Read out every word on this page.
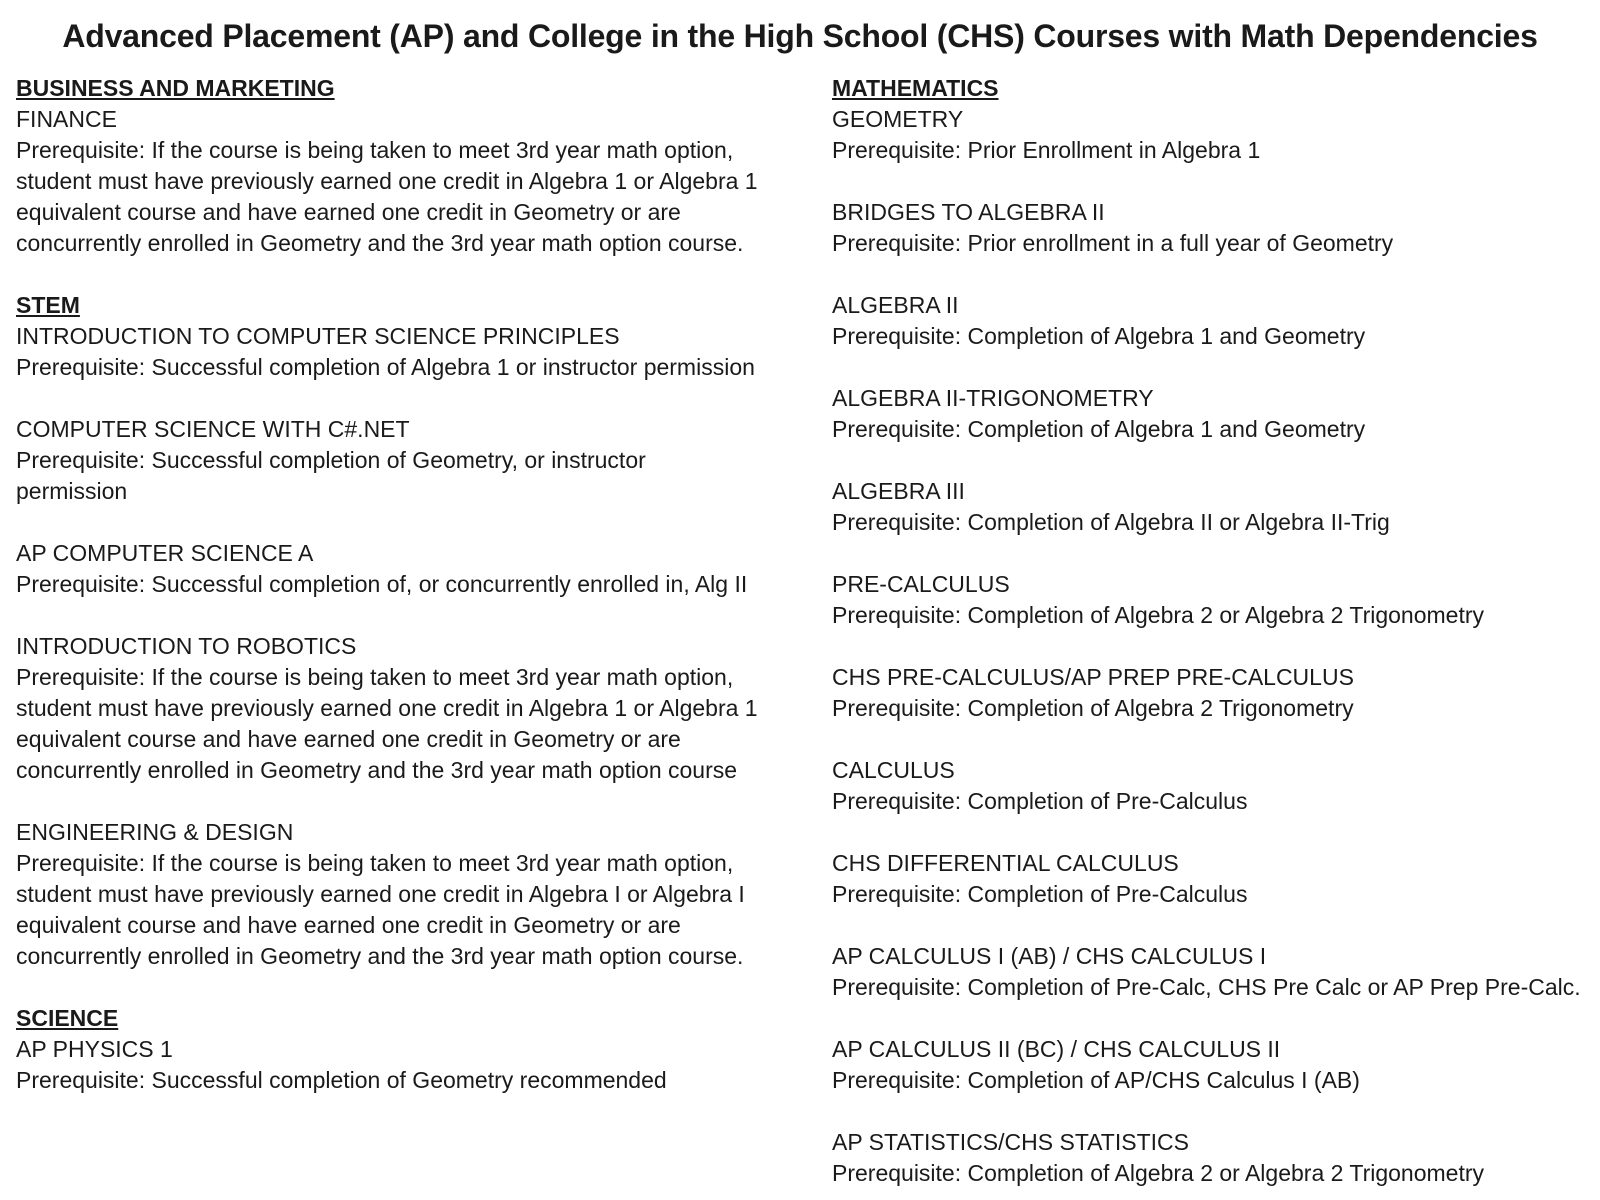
Advanced Placement (AP) and College in the High School (CHS) Courses with Math Dependencies
BUSINESS AND MARKETING
FINANCE
Prerequisite: If the course is being taken to meet 3rd year math option,
student must have previously earned one credit in Algebra 1 or Algebra 1
equivalent course and have earned one credit in Geometry or are
concurrently enrolled in Geometry and the 3rd year math option course.
STEM
INTRODUCTION TO COMPUTER SCIENCE PRINCIPLES
Prerequisite: Successful completion of Algebra 1 or instructor permission
COMPUTER SCIENCE WITH C#.NET
Prerequisite: Successful completion of Geometry, or instructor
permission
AP COMPUTER SCIENCE A
Prerequisite: Successful completion of, or concurrently enrolled in, Alg II
INTRODUCTION TO ROBOTICS
Prerequisite: If the course is being taken to meet 3rd year math option,
student must have previously earned one credit in Algebra 1 or Algebra 1
equivalent course and have earned one credit in Geometry or are
concurrently enrolled in Geometry and the 3rd year math option course
ENGINEERING & DESIGN
Prerequisite: If the course is being taken to meet 3rd year math option,
student must have previously earned one credit in Algebra I or Algebra I
equivalent course and have earned one credit in Geometry or are
concurrently enrolled in Geometry and the 3rd year math option course.
SCIENCE
AP PHYSICS 1
Prerequisite: Successful completion of Geometry recommended
MATHEMATICS
GEOMETRY
Prerequisite: Prior Enrollment in Algebra 1
BRIDGES TO ALGEBRA II
Prerequisite: Prior enrollment in a full year of Geometry
ALGEBRA II
Prerequisite: Completion of Algebra 1 and Geometry
ALGEBRA II-TRIGONOMETRY
Prerequisite: Completion of Algebra 1 and Geometry
ALGEBRA III
Prerequisite: Completion of Algebra II or Algebra II-Trig
PRE-CALCULUS
Prerequisite: Completion of Algebra 2 or Algebra 2 Trigonometry
CHS PRE-CALCULUS/AP PREP PRE-CALCULUS
Prerequisite: Completion of Algebra 2 Trigonometry
CALCULUS
Prerequisite: Completion of Pre-Calculus
CHS DIFFERENTIAL CALCULUS
Prerequisite: Completion of Pre-Calculus
AP CALCULUS I (AB) / CHS CALCULUS I
Prerequisite: Completion of Pre-Calc, CHS Pre Calc or AP Prep Pre-Calc.
AP CALCULUS II (BC) / CHS CALCULUS II
Prerequisite: Completion of AP/CHS Calculus I (AB)
AP STATISTICS/CHS STATISTICS
Prerequisite: Completion of Algebra 2 or Algebra 2 Trigonometry
